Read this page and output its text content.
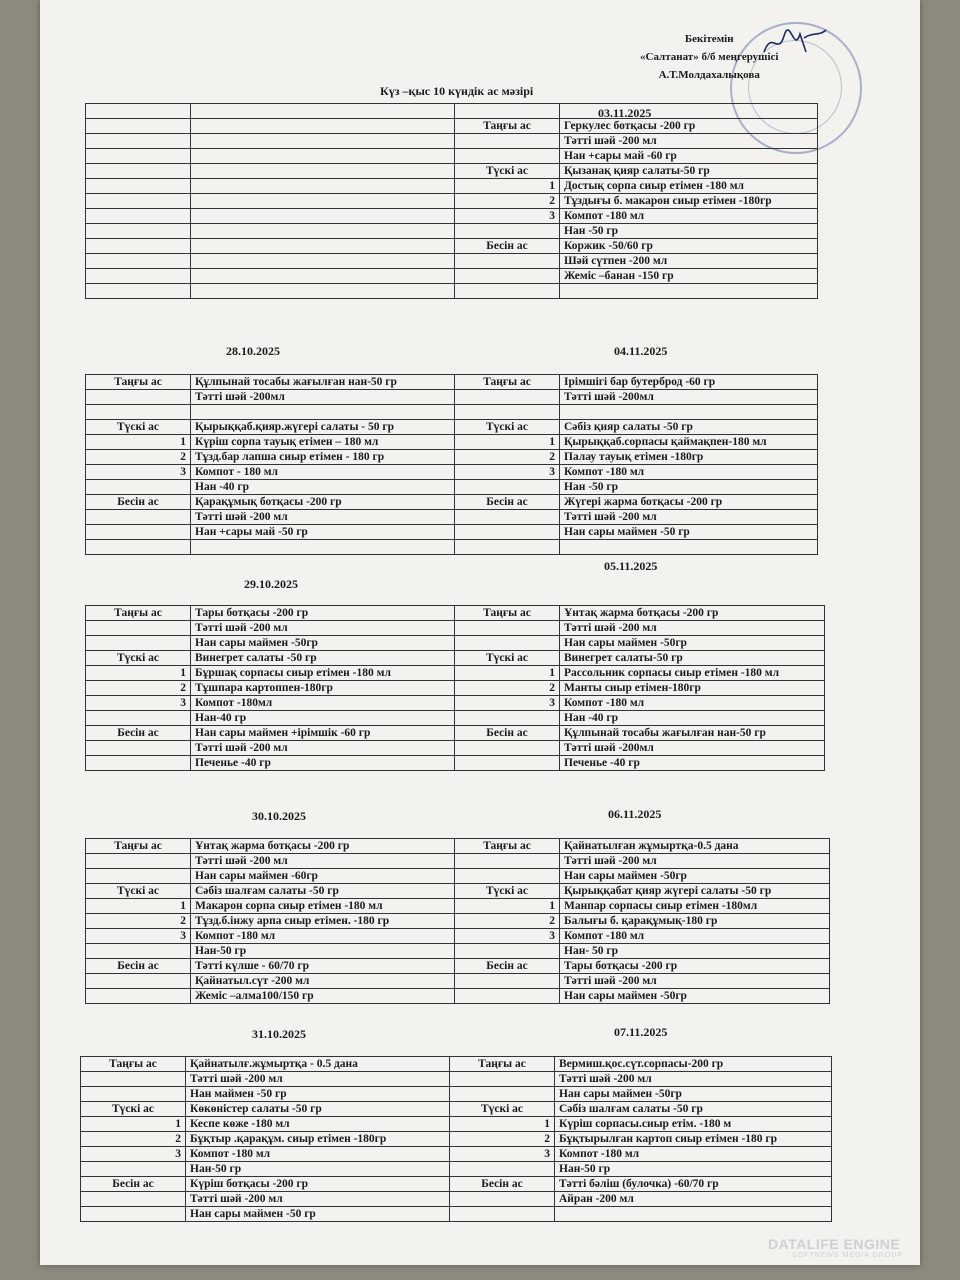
Бекітемін
«Салтанат» б/б меңгерушісі
А.Т.Молдахалықова
Күз –қыс 10 күндік ас мәзірі
03.11.2025
28.10.2025	04.11.2025
29.10.2025
05.11.2025
30.10.2025	06.11.2025
31.10.2025	07.11.2025

		Таңғы ас	Геркулес ботқасы -200 гр
			Тәтті шәй -200 мл
			Нан +сары май -60 гр
		Түскі ас	Қызанақ қияр салаты-50 гр
		1	Достық сорпа сиыр етімен -180 мл
		2	Тұздығы б. макарон сиыр етімен -180гр
		3	Компот -180 мл
			Нан -50 гр
		Бесін ас	Коржик -50/60 гр
			Шәй сүтпен -200 мл
			Жеміс –банан -150 гр

Таңғы ас	Құлпынай тосабы жағылған нан-50 гр	Таңғы ас	Ірімшігі бар бутерброд -60 гр
	Тәтті шәй -200мл		Тәтті шәй -200мл

Түскі ас	Қырыққаб.қияр.жүгері салаты - 50 гр	Түскі ас	Сәбіз қияр салаты -50 гр
1	Күріш сорпа тауық етімен – 180 мл	1	Қырыққаб.сорпасы қаймақпен-180 мл
2	Тұзд.бар лапша сиыр етімен - 180 гр	2	Палау тауық етімен -180гр
3	Компот - 180 мл	3	Компот -180 мл
	Нан -40 гр		Нан -50 гр
Бесін ас	Қарақұмық ботқасы -200 гр	Бесін ас	Жүгері жарма ботқасы -200 гр
	Тәтті шәй -200 мл		Тәтті шәй -200 мл
	Нан +сары май -50 гр		Нан сары маймен -50 гр

Таңғы ас	Тары ботқасы -200 гр	Таңғы ас	Ұнтақ жарма ботқасы -200 гр
	Тәтті шәй -200 мл		Тәтті шәй -200 мл
	Нан сары маймен -50гр		Нан сары маймен -50гр
Түскі ас	Винегрет салаты -50 гр	Түскі ас	Винегрет салаты-50 гр
1	Бұршақ сорпасы сиыр етімен -180 мл	1	Рассольник сорпасы сиыр етімен -180 мл
2	Тұшпара картоппен-180гр	2	Манты сиыр етімен-180гр
3	Компот -180мл	3	Компот -180 мл
	Нан-40 гр		Нан -40 гр
Бесін ас	Нан сары маймен +ірімшік -60 гр	Бесін ас	Құлпынай тосабы жағылған нан-50 гр
	Тәтті шәй -200 мл		Тәтті шәй -200мл
	Печенье -40 гр		Печенье -40 гр
Таңғы ас	Ұнтақ жарма ботқасы -200 гр	Таңғы ас	Қайнатылған жұмыртқа-0.5 дана
	Тәтті шәй -200 мл		Тәтті шәй -200 мл
	Нан сары маймен -60гр		Нан сары маймен -50гр
Түскі ас	Сәбіз шалғам салаты -50 гр	Түскі ас	Қырыққабат қияр жүгері салаты -50 гр
1	Макарон сорпа сиыр етімен -180 мл	1	Манпар сорпасы сиыр етімен -180мл
2	Тұзд.б.інжу арпа сиыр етімен. -180 гр	2	Балығы б. қарақұмық-180 гр
3	Компот -180 мл	3	Компот -180 мл
	Нан-50 гр		Нан- 50 гр
Бесін ас	Тәтті күлше - 60/70 гр	Бесін ас	Тары ботқасы -200 гр
	Қайнатыл.сүт -200 мл		Тәтті шәй -200 мл
	Жеміс –алма100/150 гр		Нан сары маймен -50гр
Таңғы ас	Қайнатылғ.жұмыртқа - 0.5 дана	Таңғы ас	Вермиш.қос.сүт.сорпасы-200 гр
	Тәтті шәй -200 мл		Тәтті шәй -200 мл
	Нан маймен -50 гр		Нан сары маймен -50гр
Түскі ас	Көкөністер салаты -50 гр	Түскі ас	Сәбіз шалғам салаты -50 гр
1	Кеспе көже -180 мл	1	Күріш сорпасы.сиыр етім. -180 м
2	Бұқтыр .қарақұм. сиыр етімен -180гр	2	Бұқтырылған картоп сиыр етімен -180 гр
3	Компот -180 мл	3	Компот -180 мл
	Нан-50 гр		Нан-50 гр
Бесін ас	Күріш ботқасы -200 гр	Бесін ас	Тәтті бәліш (булочка) -60/70 гр
	Тәтті шәй -200 мл		Айран -200 мл
	Нан сары маймен -50 гр		
DATALIFE ENGINE
SOFTNEWS MEDIA GROUP
